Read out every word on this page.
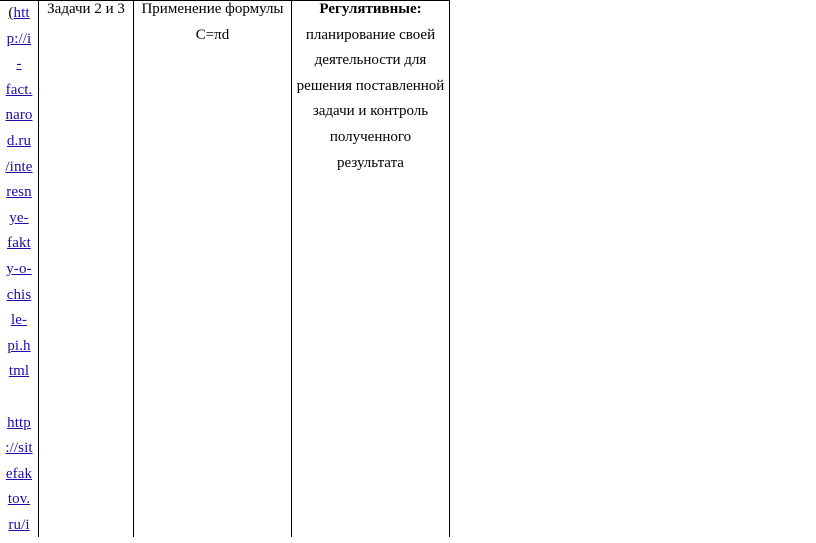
(htt
p://i
-
fact.
naro
d.ru
/inte
resn
ye-
fakt
y-o-
chis
le-
pi.h
tml
http
://sit
efak
tov.
ru/i
Задачи 2 и 3	Применение формулы
C=πd
Регулятивные:
планирование своей
деятельности для
решения поставленной
задачи и контроль
полученного
результата
